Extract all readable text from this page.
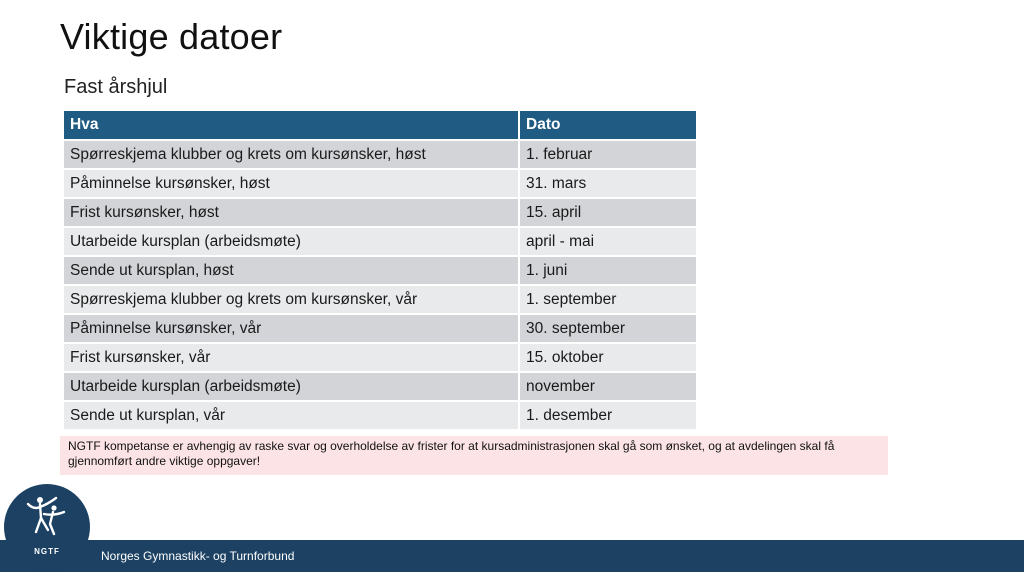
Viktige datoer
Fast årshjul
Hva	Dato
Spørreskjema klubber og krets om kursønsker, høst	1. februar
Påminnelse kursønsker, høst	31. mars
Frist kursønsker, høst	15. april
Utarbeide kursplan (arbeidsmøte)	april - mai
Sende ut kursplan, høst	1. juni
Spørreskjema klubber og krets om kursønsker, vår	1. september
Påminnelse kursønsker, vår	30. september
Frist kursønsker, vår	15. oktober
Utarbeide kursplan (arbeidsmøte)	november
Sende ut kursplan, vår	1. desember
NGTF kompetanse er avhengig av raske svar og overholdelse av frister for at kursadministrasjonen skal gå som ønsket, og at avdelingen skal få gjennomført andre viktige oppgaver!
Norges Gymnastikk- og Turnforbund
NGTF
